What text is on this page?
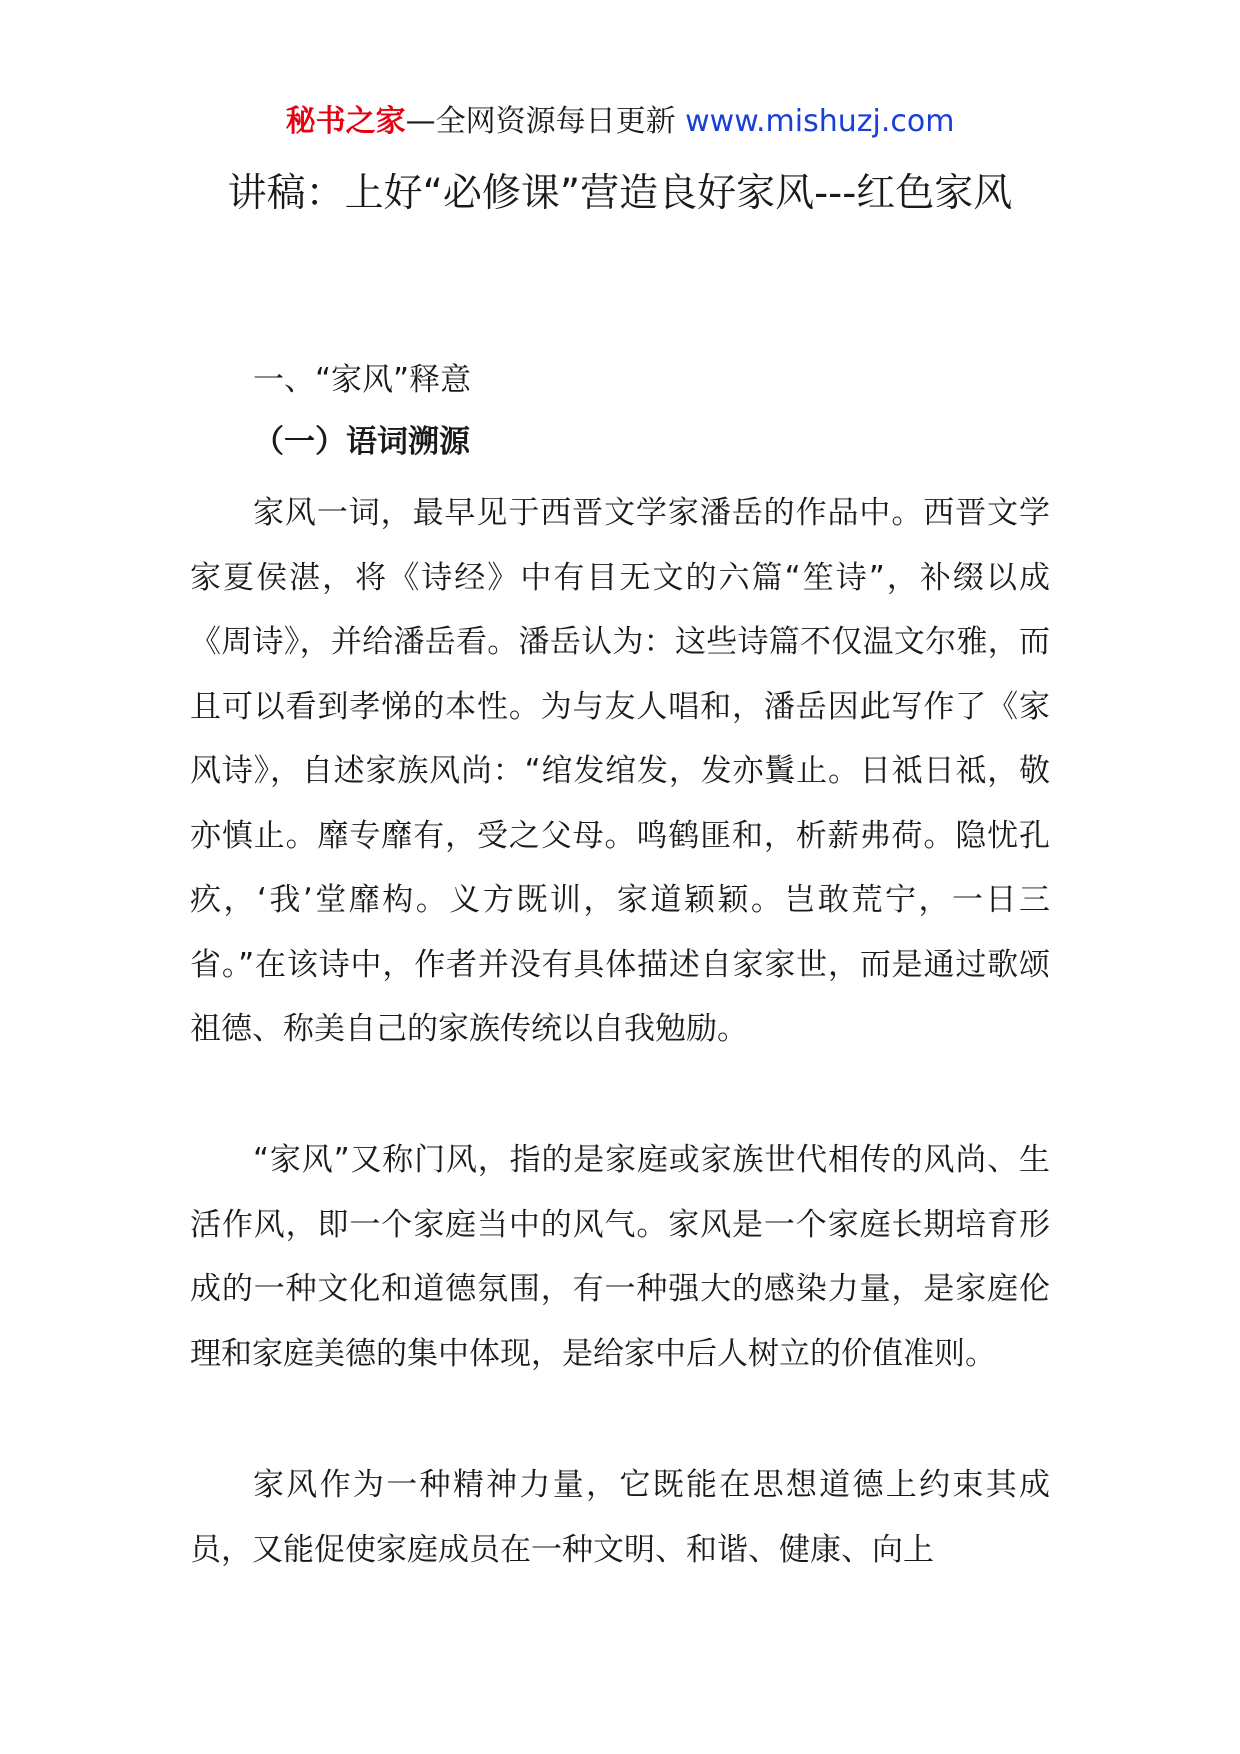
秘书之家—全网资源每日更新 www.mishuzj.com
讲稿：上好“必修课”营造良好家风---红色家风
一、“家风”释意
（一）语词溯源

家风一词，最早见于西晋文学家潘岳的作品中。西晋文学家夏侯湛，将《诗经》中有目无文的六篇“笙诗”，补缀以成《周诗》，并给潘岳看。潘岳认为：这些诗篇不仅温文尔雅，而且可以看到孝悌的本性。为与友人唱和，潘岳因此写作了《家风诗》，自述家族风尚：“绾发绾发，发亦鬒止。日祗日祗，敬亦慎止。靡专靡有，受之父母。鸣鹤匪和，析薪弗荷。隐忧孔疚，‘我’堂靡构。义方既训，家道颖颖。岂敢荒宁，一日三省。”在该诗中，作者并没有具体描述自家家世，而是通过歌颂祖德、称美自己的家族传统以自我勉励。

“家风”又称门风，指的是家庭或家族世代相传的风尚、生活作风，即一个家庭当中的风气。家风是一个家庭长期培育形成的一种文化和道德氛围，有一种强大的感染力量，是家庭伦理和家庭美德的集中体现，是给家中后人树立的价值准则。

家风作为一种精神力量，它既能在思想道德上约束其成员，又能促使家庭成员在一种文明、和谐、健康、向上
